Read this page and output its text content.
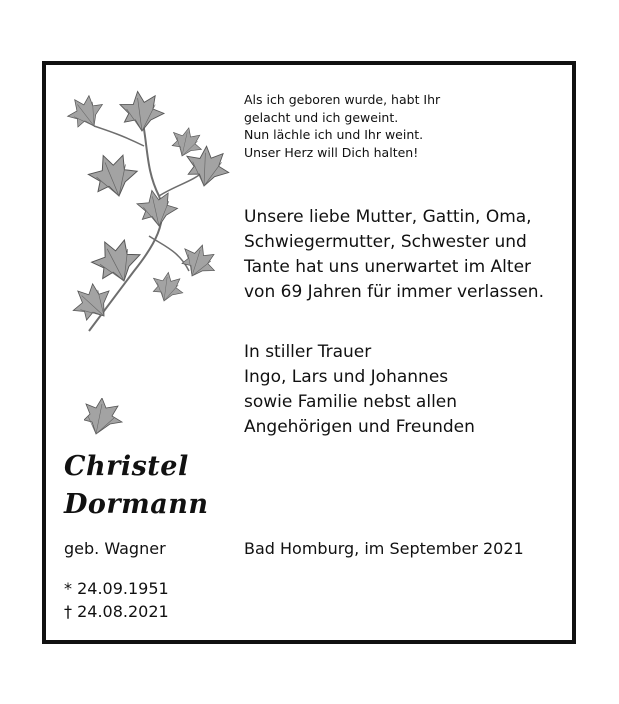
Als ich geboren wurde, habt Ihr
gelacht und ich geweint.
Nun lächle ich und Ihr weint.
Unser Herz will Dich halten!
Unsere liebe Mutter, Gattin, Oma,
Schwiegermutter, Schwester und
Tante hat uns unerwartet im Alter
von 69 Jahren für immer verlassen.
In stiller Trauer
Ingo, Lars und Johannes
sowie Familie nebst allen
Angehörigen und Freunden
Christel
Dormann
geb. Wagner	Bad Homburg, im September 2021
* 24.09.1951
† 24.08.2021
